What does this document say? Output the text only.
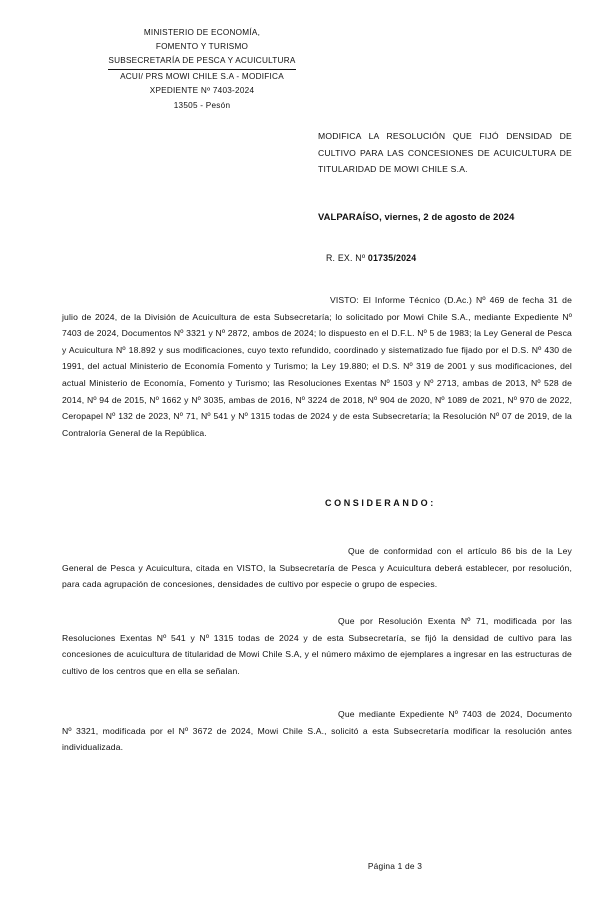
MINISTERIO DE ECONOMÍA,
FOMENTO Y TURISMO
SUBSECRETARÍA DE PESCA Y ACUICULTURA
ACUI/ PRS MOWI CHILE S.A - MODIFICA
XPEDIENTE Nº 7403-2024
13505 - Pesón
MODIFICA LA RESOLUCIÓN QUE FIJÓ DENSIDAD DE CULTIVO PARA LAS CONCESIONES DE ACUICULTURA DE TITULARIDAD DE MOWI CHILE S.A.
VALPARAÍSO, viernes, 2 de agosto de 2024
R. EX. Nº 01735/2024
VISTO: El Informe Técnico (D.Ac.) Nº 469 de fecha 31 de julio de 2024, de la División de Acuicultura de esta Subsecretaría; lo solicitado por Mowi Chile S.A., mediante Expediente Nº 7403 de 2024, Documentos Nº 3321 y Nº 2872, ambos de 2024; lo dispuesto en el D.F.L. Nº 5 de 1983; la Ley General de Pesca y Acuicultura Nº 18.892 y sus modificaciones, cuyo texto refundido, coordinado y sistematizado fue fijado por el D.S. Nº 430 de 1991, del actual Ministerio de Economía Fomento y Turismo; la Ley 19.880; el D.S. Nº 319 de 2001 y sus modificaciones, del actual Ministerio de Economía, Fomento y Turismo; las Resoluciones Exentas Nº 1503 y Nº 2713, ambas de 2013, Nº 528 de 2014, Nº 94 de 2015, Nº 1662 y Nº 3035, ambas de 2016, Nº 3224 de 2018, Nº 904 de 2020, Nº 1089 de 2021, Nº 970 de 2022, Ceropapel Nº 132 de 2023, Nº 71, Nº 541 y Nº 1315 todas de 2024 y de esta Subsecretaría; la Resolución Nº 07 de 2019, de la Contraloría General de la República.
CONSIDERANDO:
Que de conformidad con el artículo 86 bis de la Ley General de Pesca y Acuicultura, citada en VISTO, la Subsecretaría de Pesca y Acuicultura deberá establecer, por resolución, para cada agrupación de concesiones, densidades de cultivo por especie o grupo de especies.
Que por Resolución Exenta Nº 71, modificada por las Resoluciones Exentas Nº 541 y Nº 1315 todas de 2024 y de esta Subsecretaría, se fijó la densidad de cultivo para las concesiones de acuicultura de titularidad de Mowi Chile S.A, y el número máximo de ejemplares a ingresar en las estructuras de cultivo de los centros que en ella se señalan.
Que mediante Expediente Nº 7403 de 2024, Documento Nº 3321, modificada por el Nº 3672 de 2024, Mowi Chile S.A., solicitó a esta Subsecretaría modificar la resolución antes individualizada.
Página 1 de 3
